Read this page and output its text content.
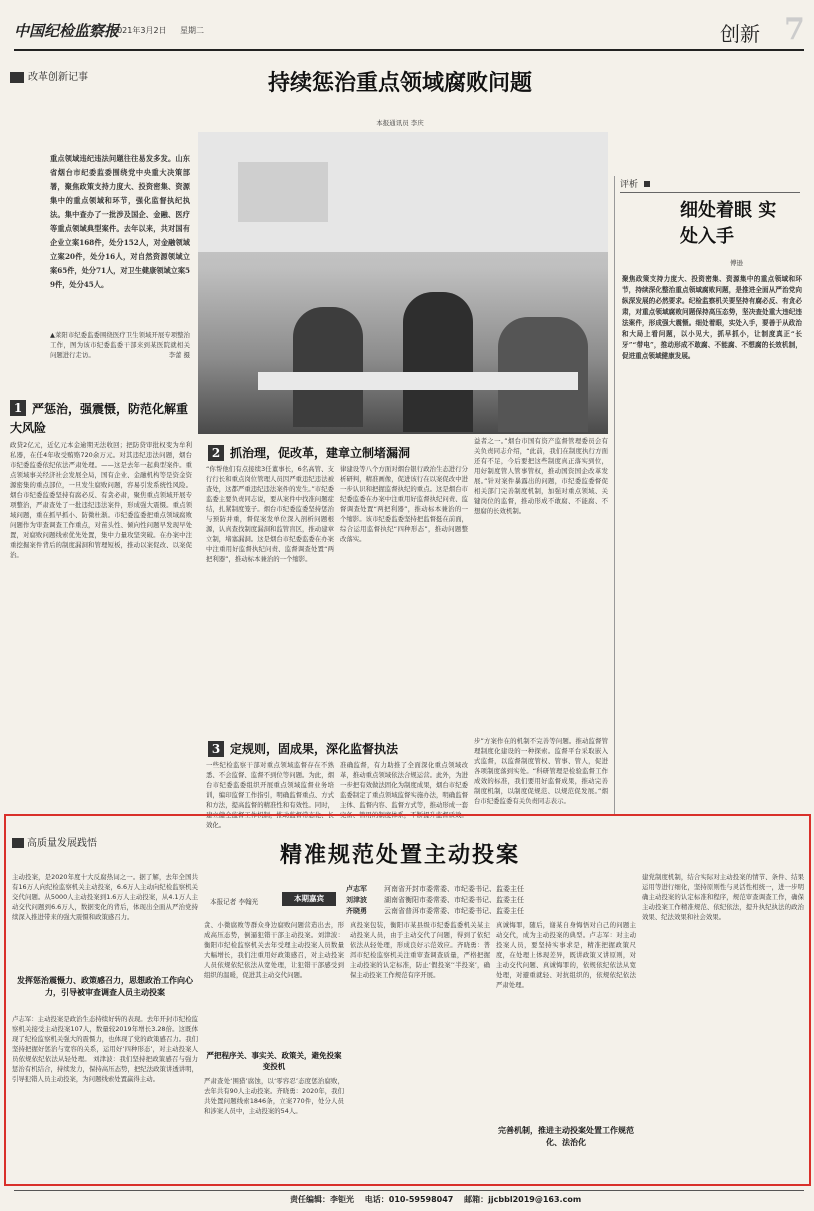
中国纪检监察报
2021年3月2日 星期二	创新 7
改革创新记事	持续惩治重点领域腐败问题
本报通讯员 李庆
重点领域违纪违法问题往往易发多发。山东省烟台市纪委监委围绕党中央重大决策部署，聚焦政策支持力度大、投资密集、资源集中的重点领域和环节，强化监督执纪执法。集中查办了一批涉及国企、金融、医疗等重点领域典型案件。去年以来，共对国有企业立案168件，处分152人，对金融领域立案20件，处分16人，对自然资源领域立案65件，处分71人，对卫生健康领域立案59件，处分45人。
▲莱阳市纪委监委围绕医疗卫生领域开展专项整治工作，图为该市纪委监委干部来到某医院就相关问题进行走访。	李蕾 摄
1 严惩治，强震慑，防范化解重大风险
政贷2亿元，近亿元本金逾期无法收回；把防贷审批权变为牟利私器，在任4年收受贿赂720余万元。对其违纪违法问题，烟台市纪委监委依纪依法严肃处理。——这是去年一起典型案件。重点领域事关经济社会发展全局，国有企业、金融机构等是资金资源密集的重点部位，一旦发生腐败问题，容易引发系统性风险。烟台市纪委监委坚持有腐必反、有贪必肃，聚焦重点领域开展专项整治，严肃查处了一批违纪违法案件，形成强大震慑。重点领域问题，重在抓早抓小、防微杜渐。市纪委监委把重点领域腐败问题作为审查调查工作重点，对苗头性、倾向性问题早发现早处置，对腐败问题线索优先处置，集中力量攻坚突破。在办案中注重挖掘案件背后的制度漏洞和管理短板，推动以案促改、以案促治。
2 抓治理，促改革，建章立制堵漏洞
“你帮他们有点接续3任董事长，6名高管、支行行长和重点岗位管理人员因严重违纪违法被查处，这都严重违纪违法案件的发生。”市纪委监委主要负责同志说，要从案件中找准问题症结，扎紧制度笼子。烟台市纪委监委坚持惩治与预防并重，督促案发单位深入剖析问题根源，认真查找制度漏洞和监管盲区，推动建章立制，堵塞漏洞。这是烟台市纪委监委在办案中注重用好监督执纪问责、监督调查处置“两把利器”，推动标本兼治的一个缩影。
律建设等八个方面对烟台银行政治生态进行分析研判，精准画像，促进该行在以案促改中进一步认识和把握监督执纪的重点。这是烟台市纪委监委在办案中注重用好监督执纪问责、监督调查处置“两把利器”，推动标本兼治的一个缩影。该市纪委监委坚持把监督挺在前面，综合运用监督执纪“四种形态”，推动问题整改落实。
益者之一。”烟台市国有资产监督管理委员会有关负责同志介绍，“此前，我们在制度执行方面还有不足，今后要把这些制度真正落实到位，用好制度管人管事管权，推动国资国企改革发展。”针对案件暴露出的问题，市纪委监委督促相关部门完善制度机制，加强对重点领域、关键岗位的监督，推动形成不敢腐、不能腐、不想腐的长效机制。
3 定规则，固成果，深化监督执法
一些纪检监察干部对重点领域监督存在不熟悉、不会监督、监督不到位等问题。为此，烟台市纪委监委组织开展重点领域监督业务培训，编印监督工作指引，明确监督重点、方式和方法，提高监督的精准性和有效性。同时，建立健全监督工作机制，推动监督常态化、长效化。
准确监督，有力助推了全面深化重点领域改革，推动重点领域依法合规运营。此外，为进一步把有效做法固化为制度成果，烟台市纪委监委制定了重点领域监督实施办法，明确监督主体、监督内容、监督方式等，推动形成一套完备、管用的制度体系，不断提升监督质效。
步”方案作在的机制不完善等问题。推动监督管理制度化建设的一种探索。监督平台采取嵌入式监督，以监督制度管权、管事、管人，促进各项制度落到实处。“科研管理是检验监督工作成效的标准，我们要用好监督成果，推动完善制度机制，以制度促规范、以规范促发展。”烟台市纪委监委有关负责同志表示。
评析
细处着眼 实处入手
傅逊
聚焦政策支持力度大、投资密集、资源集中的重点领域和环节，持续深化整治重点领域腐败问题，是推进全面从严治党向纵深发展的必然要求。纪检监察机关要坚持有腐必反、有贪必肃，对重点领域腐败问题保持高压态势，坚决查处重大违纪违法案件，形成强大震慑。细处着眼，实处入手，要善于从政治和大局上看问题，以小见大，抓早抓小，让制度真正“长牙”“带电”，推动形成不敢腐、不能腐、不想腐的长效机制，促进重点领域健康发展。
高质量发展践悟	精准规范处置主动投案
主动投案，是2020年度十大反腐热词之一。据了解，去年全国共有16万人向纪检监察机关主动投案，6.6万人主动向纪检监察机关交代问题。从5000人主动投案到1.6万人主动投案，从4.1万人主动交代问题到6.6万人，数据变化的背后，体现出全面从严治党持续深入推进带来的强大震慑和政策感召力。
发挥惩治震慑力、政策感召力，思想政治工作向心力，引导被审查调查人员主动投案
卢志军：主动投案是政治生态持续好转的表现。去年开封市纪检监察机关接受主动投案107人，数量较2019年增长3.28倍。这既体现了纪检监察机关强大的震慑力，也体现了党的政策感召力。我们坚持把握好惩治与宽容的关系，运用好‘四种形态’，对主动投案人员依规依纪依法从轻处理。 刘津波：我们坚持把政策感召与强力惩治有机结合，持续发力，保持高压态势，把纪法政策讲透讲明，引导犯错人员主动投案，为问题线索处置赢得主动。
本报记者 李翰光	本期嘉宾
卢志军 河南省开封市委常委、市纪委书记、监委主任
刘津波 湖南省衡阳市委常委、市纪委书记、监委主任
齐晓勇 云南省普洱市委常委、市纪委书记、监委主任
贪、小微腐败等群众身边腐败问题营造出去，形成高压态势，倒逼犯错干部主动投案。刘津波：衡阳市纪检监察机关去年受理主动投案人员数量大幅增长，我们注重用好政策感召，对主动投案人员依规依纪依法从宽处理，让犯错干部感受到组织的温暖，促进其主动交代问题。
严把程序关、事实关、政策关，避免投案变投机
严肃查处‘围猎’腐蚀，以‘零容忍’态度惩治腐败，去年共有90人主动投案。齐晓勇：2020年，我们共处置问题线索1846条，立案770件，处分人员和涉案人员中，主动投案的54人。
真投案包装，衡阳市某县级市纪委监委机关某主动投案人员，由于主动交代了问题，得到了依纪依法从轻处理，形成良好示范效应。齐晓勇：普洱市纪检监察机关注重审查调查质量，严格把握主动投案的认定标准，防止‘假投案’‘半投案’，确保主动投案工作规范有序开展。
真诚悔罪，随后，谢某自身悔悟对自己的问题主动交代，成为主动投案的典型。卢志军：对主动投案人员，要坚持实事求是，精准把握政策尺度，在处理上体现差异，既讲政策又讲原则，对主动交代问题、真诚悔罪的，依规依纪依法从宽处理，对避重就轻、对抗组织的，依规依纪依法严肃处理。
完善机制，推进主动投案处置工作规范化、法治化
建党制度机制，结合实际对主动投案的情节、条件、结果运用等进行细化，坚持原则性与灵活性相统一，进一步明确主动投案的认定标准和程序，规范审查调查工作，确保主动投案工作精准规范、依纪依法，提升执纪执法的政治效果、纪法效果和社会效果。
责任编辑：李钜光 电话：010-59598047 邮箱：jjcbbl2019@163.com
